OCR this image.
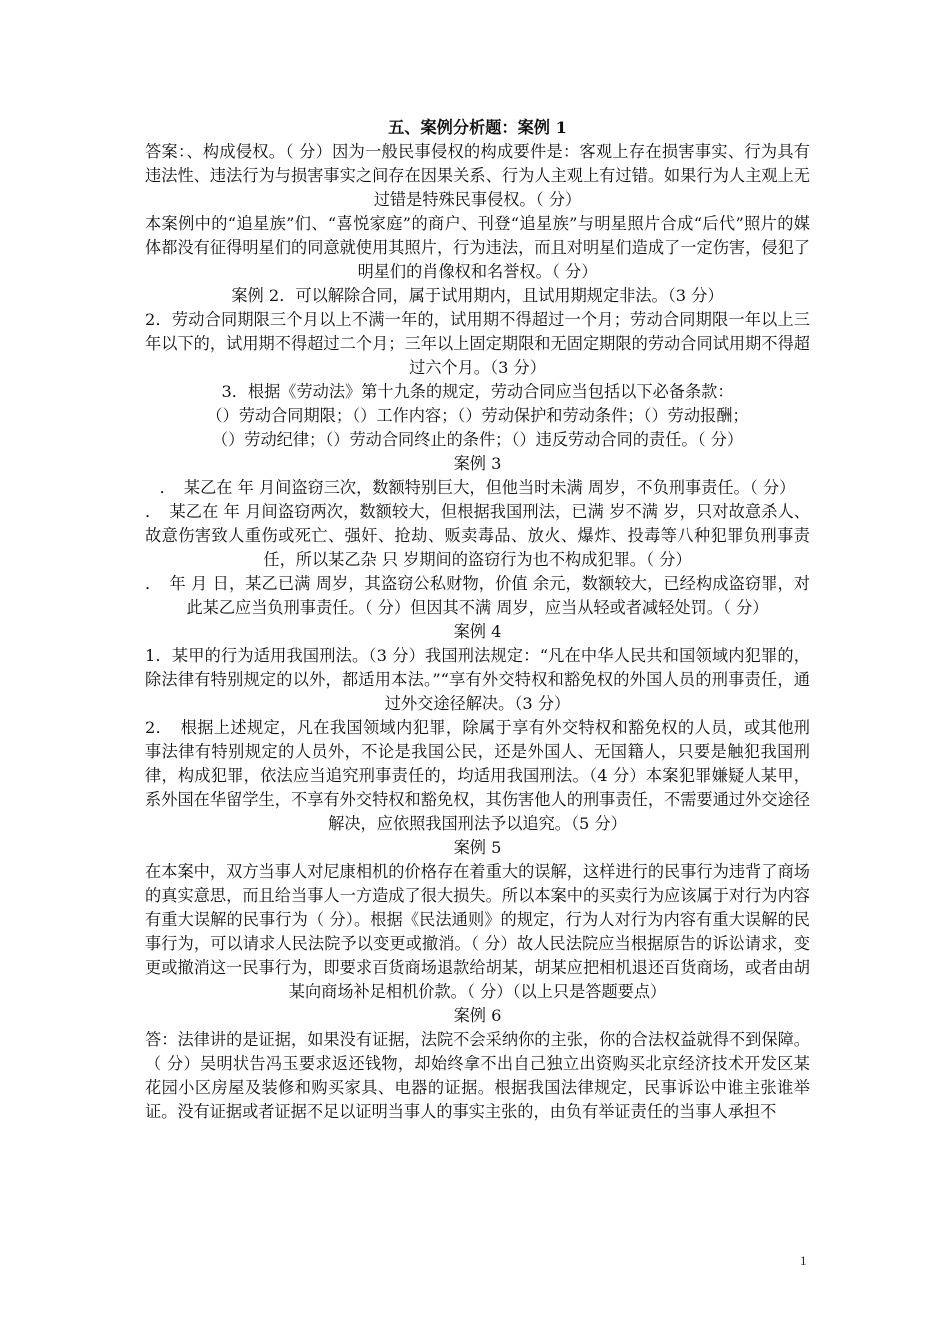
五、案例分析题：案例 1

答案：、构成侵权。（ 分）因为一般民事侵权的构成要件是：客观上存在损害事实、行为具有违法性、违法行为与损害事实之间存在因果关系、行为人主观上有过错。如果行为人主观上无过错是特殊民事侵权。（ 分）

本案例中的“追星族”们、“喜悦家庭”的商户、刊登“追星族”与明星照片合成“后代”照片的媒体都没有征得明星们的同意就使用其照片，行为违法，而且对明星们造成了一定伤害，侵犯了明星们的肖像权和名誉权。（ 分）

案例 2．可以解除合同，属于试用期内，且试用期规定非法。（3 分）

2．劳动合同期限三个月以上不满一年的，试用期不得超过一个月；劳动合同期限一年以上三年以下的，试用期不得超过二个月；三年以上固定期限和无固定期限的劳动合同试用期不得超过六个月。（3 分）

3．根据《劳动法》第十九条的规定，劳动合同应当包括以下必备条款：

（）劳动合同期限；（）工作内容；（）劳动保护和劳动条件；（）劳动报酬；

（）劳动纪律；（）劳动合同终止的条件；（）违反劳动合同的责任。（ 分）

案例 3

．　某乙在 年 月间盗窃三次，数额特别巨大，但他当时未满 周岁，不负刑事责任。（ 分）

．　某乙在 年 月间盗窃两次，数额较大，但根据我国刑法，已满 岁不满 岁，只对故意杀人、故意伤害致人重伤或死亡、强奸、抢劫、贩卖毒品、放火、爆炸、投毒等八种犯罪负刑事责任，所以某乙杂 只 岁期间的盗窃行为也不构成犯罪。（ 分）

．　年 月 日，某乙已满 周岁，其盗窃公私财物，价值 余元，数额较大，已经构成盗窃罪，对此某乙应当负刑事责任。（ 分）但因其不满 周岁，应当从轻或者减轻处罚。（ 分）

案例 4

1．某甲的行为适用我国刑法。（3 分）我国刑法规定：“凡在中华人民共和国领域内犯罪的，除法律有特别规定的以外，都适用本法。”“享有外交特权和豁免权的外国人员的刑事责任，通过外交途径解决。（3 分）

2．　根据上述规定，凡在我国领域内犯罪，除属于享有外交特权和豁免权的人员，或其他刑事法律有特别规定的人员外，不论是我国公民，还是外国人、无国籍人，只要是触犯我国刑律，构成犯罪，依法应当追究刑事责任的，均适用我国刑法。（4 分）本案犯罪嫌疑人某甲，系外国在华留学生，不享有外交特权和豁免权，其伤害他人的刑事责任，不需要通过外交途径解决，应依照我国刑法予以追究。（5 分）

案例 5

在本案中，双方当事人对尼康相机的价格存在着重大的误解，这样进行的民事行为违背了商场的真实意思，而且给当事人一方造成了很大损失。所以本案中的买卖行为应该属于对行为内容有重大误解的民事行为（ 分）。根据《民法通则》的规定，行为人对行为内容有重大误解的民事行为，可以请求人民法院予以变更或撤消。（ 分）故人民法院应当根据原告的诉讼请求，变更或撤消这一民事行为，即要求百货商场退款给胡某，胡某应把相机退还百货商场，或者由胡某向商场补足相机价款。（ 分）（以上只是答题要点）

案例 6

答：法律讲的是证据，如果没有证据，法院不会采纳你的主张，你的合法权益就得不到保障。（ 分）吴明状告冯玉要求返还钱物，却始终拿不出自己独立出资购买北京经济技术开发区某花园小区房屋及装修和购买家具、电器的证据。根据我国法律规定，民事诉讼中谁主张谁举证。没有证据或者证据不足以证明当事人的事实主张的，由负有举证责任的当事人承担不

1
